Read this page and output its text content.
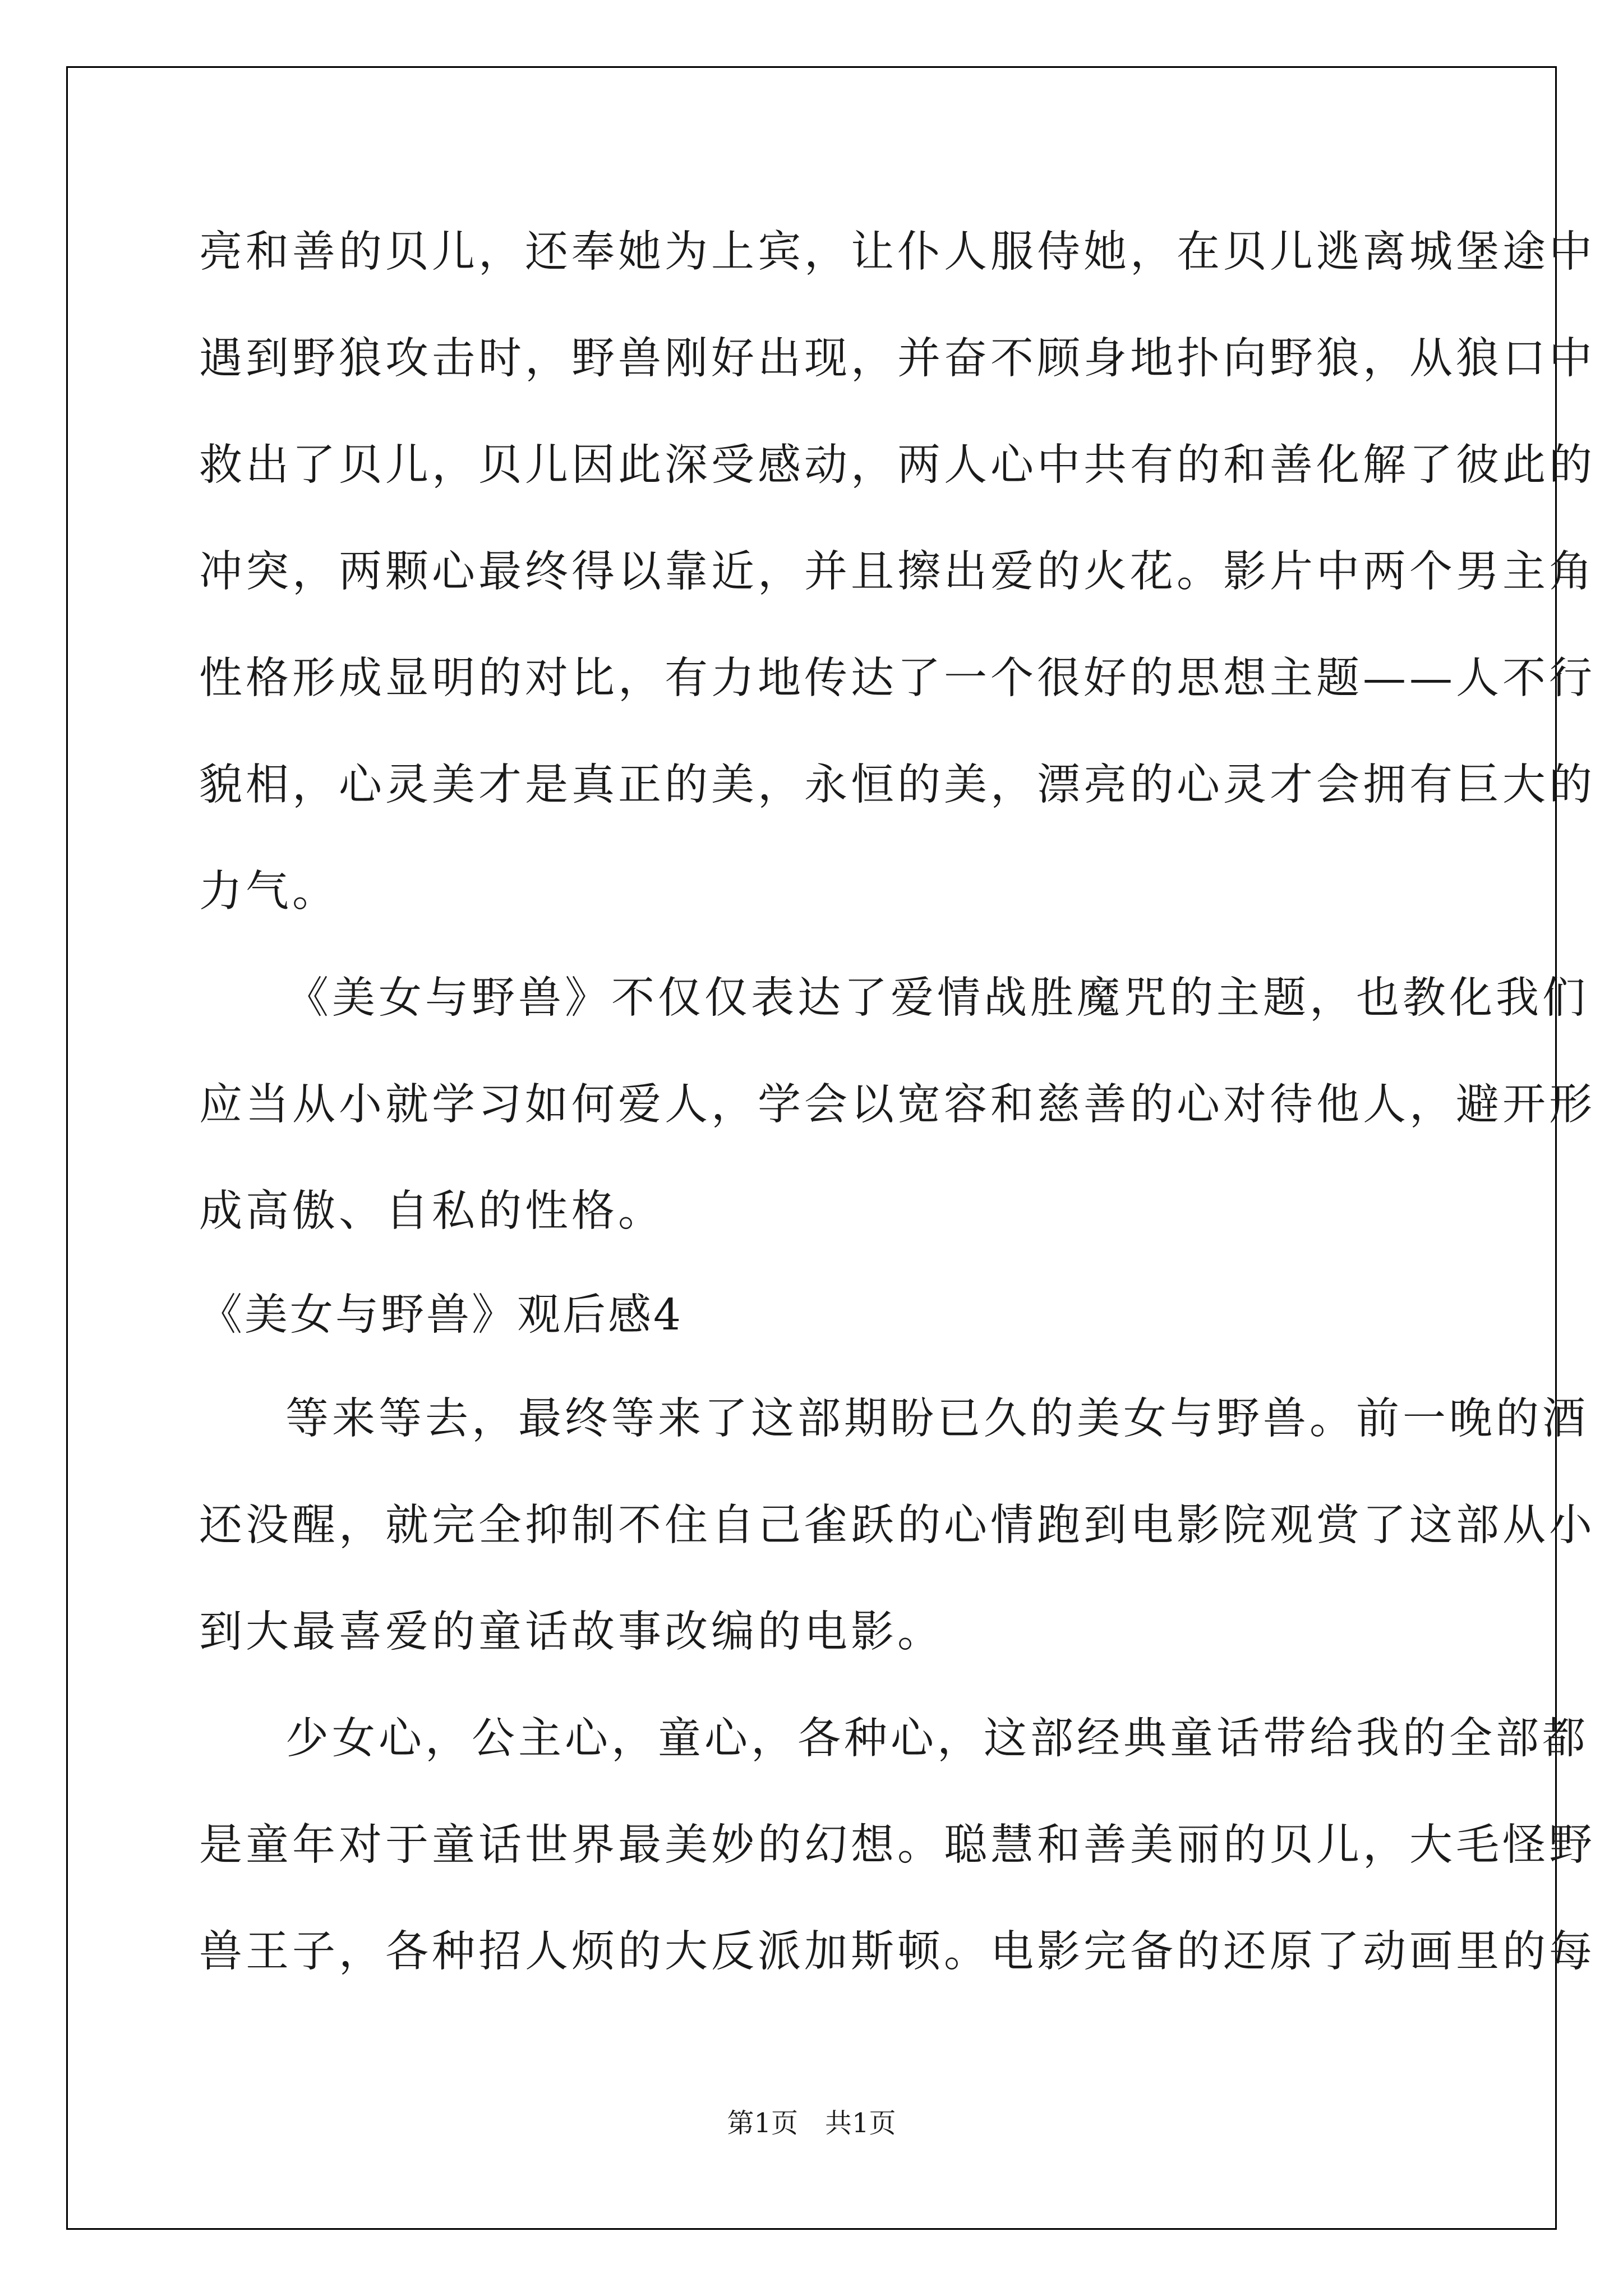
亮和善的贝儿，还奉她为上宾，让仆人服侍她，在贝儿逃离城堡途中
遇到野狼攻击时，野兽刚好出现，并奋不顾身地扑向野狼，从狼口中
救出了贝儿，贝儿因此深受感动，两人心中共有的和善化解了彼此的
冲突，两颗心最终得以靠近，并且擦出爱的火花。影片中两个男主角
性格形成显明的对比，有力地传达了一个很好的思想主题——人不行
貌相，心灵美才是真正的美，永恒的美，漂亮的心灵才会拥有巨大的
力气。
《美女与野兽》不仅仅表达了爱情战胜魔咒的主题，也教化我们
应当从小就学习如何爱人，学会以宽容和慈善的心对待他人，避开形
成高傲、自私的性格。
《美女与野兽》观后感4
等来等去，最终等来了这部期盼已久的美女与野兽。前一晚的酒
还没醒，就完全抑制不住自己雀跃的心情跑到电影院观赏了这部从小
到大最喜爱的童话故事改编的电影。
少女心，公主心，童心，各种心，这部经典童话带给我的全部都
是童年对于童话世界最美妙的幻想。聪慧和善美丽的贝儿，大毛怪野
兽王子，各种招人烦的大反派加斯顿。电影完备的还原了动画里的每
第1页 共1页
